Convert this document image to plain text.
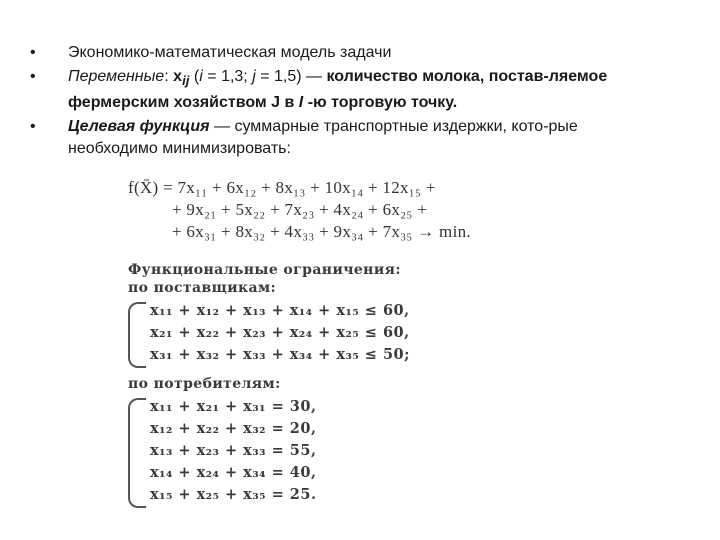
•	Экономико-математическая модель задачи
•	Переменные: $x_{ij}$ (i = 1,3; j = 1,5) — количество молока, постав-ляемое
фермерским хозяйством J в I -ю торговую точку.
•	Целевая функция — суммарные транспортные издержки, кото-рые
необходимо минимизировать:
f(X̄) = 7x₁₁ + 6x₁₂ + 8x₁₃ + 10x₁₄ + 12x₁₅ +
+ 9x₂₁ + 5x₂₂ + 7x₂₃ + 4x₂₄ + 6x₂₅ +
+ 6x₃₁ + 8x₃₂ + 4x₃₃ + 9x₃₄ + 7x₃₅ → min.
Функциональные ограничения:
по поставщикам:
x₁₁ + x₁₂ + x₁₃ + x₁₄ + x₁₅ ≤ 60,
x₂₁ + x₂₂ + x₂₃ + x₂₄ + x₂₅ ≤ 60,
x₃₁ + x₃₂ + x₃₃ + x₃₄ + x₃₅ ≤ 50;
по потребителям:
x₁₁ + x₂₁ + x₃₁ = 30,
x₁₂ + x₂₂ + x₃₂ = 20,
x₁₃ + x₂₃ + x₃₃ = 55,
x₁₄ + x₂₄ + x₃₄ = 40,
x₁₅ + x₂₅ + x₃₅ = 25.
